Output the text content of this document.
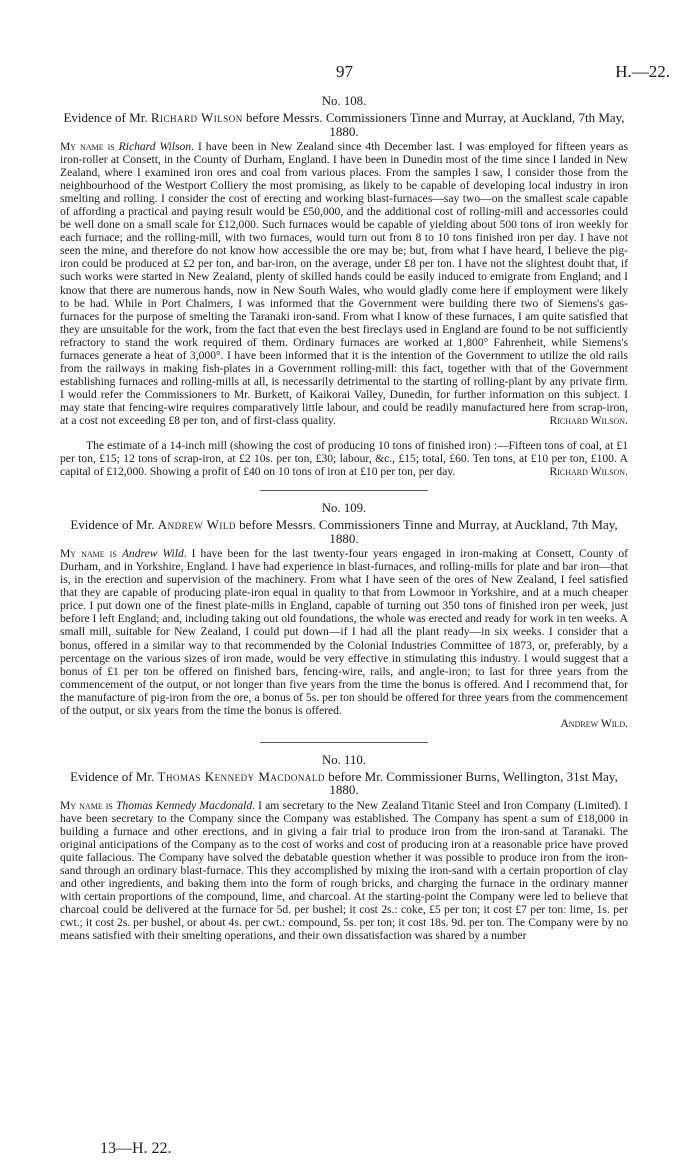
97	H.—22.
No. 108.
Evidence of Mr. Richard Wilson before Messrs. Commissioners Tinne and Murray, at Auckland, 7th May, 1880.

My name is Richard Wilson. I have been in New Zealand since 4th December last. I was employed for fifteen years as iron-roller at Consett, in the County of Durham, England. I have been in Dunedin most of the time since I landed in New Zealand, where I examined iron ores and coal from various places. From the samples I saw, I consider those from the neighbourhood of the Westport Colliery the most promising, as likely to be capable of developing local industry in iron smelting and rolling. I consider the cost of erecting and working blast-furnaces—say two—on the smallest scale capable of affording a practical and paying result would be £50,000, and the additional cost of rolling-mill and accessories could be well done on a small scale for £12,000. Such furnaces would be capable of yielding about 500 tons of iron weekly for each furnace; and the rolling-mill, with two furnaces, would turn out from 8 to 10 tons finished iron per day. I have not seen the mine, and therefore do not know how accessible the ore may be; but, from what I have heard, I believe the pig-iron could be produced at £2 per ton, and bar-iron, on the average, under £8 per ton. I have not the slightest doubt that, if such works were started in New Zealand, plenty of skilled hands could be easily induced to emigrate from England; and I know that there are numerous hands, now in New South Wales, who would gladly come here if employment were likely to be had. While in Port Chalmers, I was informed that the Government were building there two of Siemens's gas-furnaces for the purpose of smelting the Taranaki iron-sand. From what I know of these furnaces, I am quite satisfied that they are unsuitable for the work, from the fact that even the best fireclays used in England are found to be not sufficiently refractory to stand the work required of them. Ordinary furnaces are worked at 1,800° Fahrenheit, while Siemens's furnaces generate a heat of 3,000°. I have been informed that it is the intention of the Government to utilize the old rails from the railways in making fish-plates in a Government rolling-mill: this fact, together with that of the Government establishing furnaces and rolling-mills at all, is necessarily detrimental to the starting of rolling-plant by any private firm. I would refer the Commissioners to Mr. Burkett, of Kaikorai Valley, Dunedin, for further information on this subject. I may state that fencing-wire requires comparatively little labour, and could be readily manufactured here from scrap-iron, at a cost not exceeding £8 per ton, and of first-class quality.	Richard Wilson.

The estimate of a 14-inch mill (showing the cost of producing 10 tons of finished iron) :—Fifteen tons of coal, at £1 per ton, £15; 12 tons of scrap-iron, at £2 10s. per ton, £30; labour, &c., £15; total, £60. Ten tons, at £10 per ton, £100. A capital of £12,000. Showing a profit of £40 on 10 tons of iron at £10 per ton, per day.	Richard Wilson.

No. 109.
Evidence of Mr. Andrew Wild before Messrs. Commissioners Tinne and Murray, at Auckland, 7th May, 1880.

My name is Andrew Wild. I have been for the last twenty-four years engaged in iron-making at Consett, County of Durham, and in Yorkshire, England. I have had experience in blast-furnaces, and rolling-mills for plate and bar iron—that is, in the erection and supervision of the machinery. From what I have seen of the ores of New Zealand, I feel satisfied that they are capable of producing plate-iron equal in quality to that from Lowmoor in Yorkshire, and at a much cheaper price. I put down one of the finest plate-mills in England, capable of turning out 350 tons of finished iron per week, just before I left England; and, including taking out old foundations, the whole was erected and ready for work in ten weeks. A small mill, suitable for New Zealand, I could put down—if I had all the plant ready—in six weeks. I consider that a bonus, offered in a similar way to that recommended by the Colonial Industries Committee of 1873, or, preferably, by a percentage on the various sizes of iron made, would be very effective in stimulating this industry. I would suggest that a bonus of £1 per ton be offered on finished bars, fencing-wire, rails, and angle-iron; to last for three years from the commencement of the output, or not longer than five years from the time the bonus is offered. And I recommend that, for the manufacture of pig-iron from the ore, a bonus of 5s. per ton should be offered for three years from the commencement of the output, or six years from the time the bonus is offered.

Andrew Wild.
No. 110.
Evidence of Mr. Thomas Kennedy Macdonald before Mr. Commissioner Burns, Wellington, 31st May, 1880.

My name is Thomas Kennedy Macdonald. I am secretary to the New Zealand Titanic Steel and Iron Company (Limited). I have been secretary to the Company since the Company was established. The Company has spent a sum of £18,000 in building a furnace and other erections, and in giving a fair trial to produce iron from the iron-sand at Taranaki. The original anticipations of the Company as to the cost of works and cost of producing iron at a reasonable price have proved quite fallacious. The Company have solved the debatable question whether it was possible to produce iron from the iron-sand through an ordinary blast-furnace. This they accomplished by mixing the iron-sand with a certain proportion of clay and other ingredients, and baking them into the form of rough bricks, and charging the furnace in the ordinary manner with certain proportions of the compound, lime, and charcoal. At the starting-point the Company were led to believe that charcoal could be delivered at the furnace for 5d. per bushel; it cost 2s.: coke, £5 per ton; it cost £7 per ton: lime, 1s. per cwt.; it cost 2s. per bushel, or about 4s. per cwt.: compound, 5s. per ton; it cost 18s. 9d. per ton. The Company were by no means satisfied with their smelting operations, and their own dissatisfaction was shared by a number

13—H. 22.
